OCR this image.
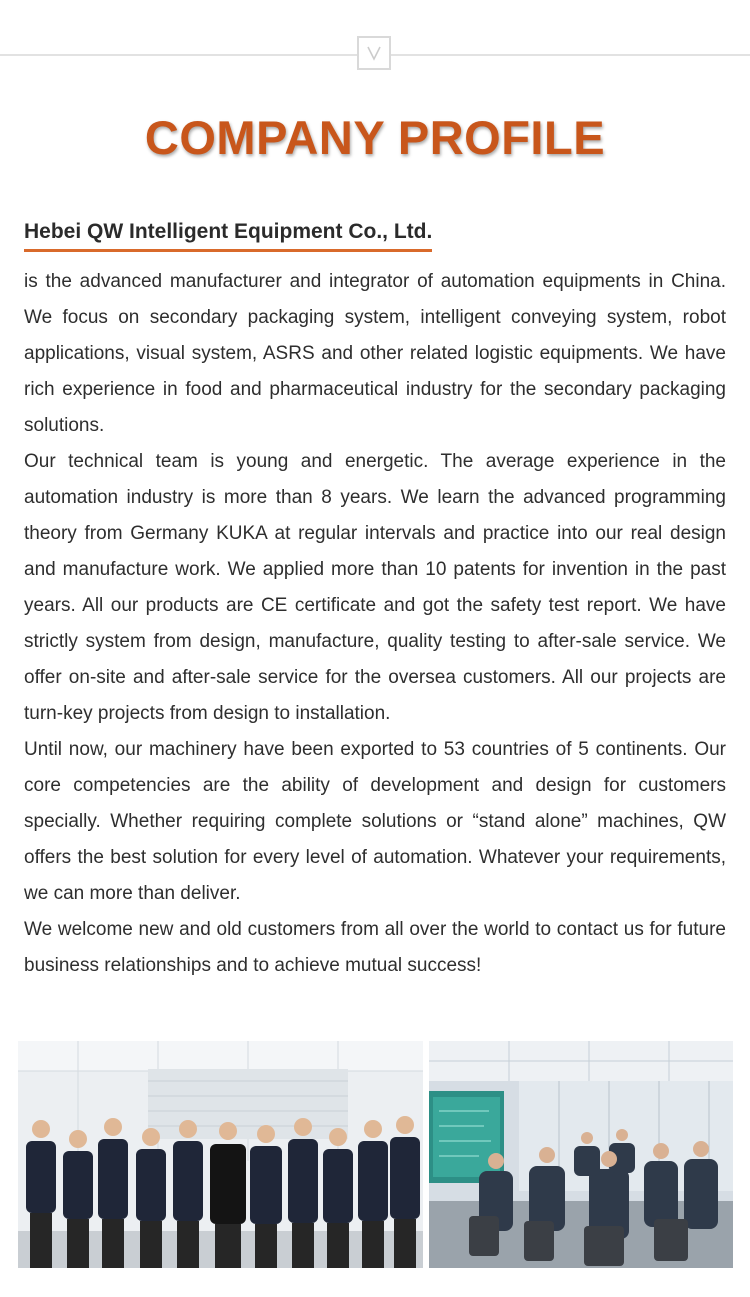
COMPANY PROFILE
Hebei QW Intelligent Equipment Co., Ltd.

is the advanced manufacturer and integrator of automation equipments in China. We focus on secondary packaging system, intelligent conveying system, robot applications, visual system, ASRS and other related logistic equipments. We have rich experience in food and pharmaceutical industry for the secondary packaging solutions.

Our technical team is young and energetic. The average experience in the automation industry is more than 8 years. We learn the advanced programming theory from Germany KUKA at regular intervals and practice into our real design and manufacture work. We applied more than 10 patents for invention in the past years. All our products are CE certificate and got the safety test report. We have strictly system from design, manufacture, quality testing to after-sale service. We offer on-site and after-sale service for the oversea customers. All our projects are turn-key projects from design to installation.

Until now, our machinery have been exported to 53 countries of 5 continents. Our core competencies are the ability of development and design for customers specially. Whether requiring complete solutions or “stand alone” machines, QW offers the best solution for every level of automation. Whatever your requirements, we can more than deliver.

We welcome new and old customers from all over the world to contact us for future business relationships and to achieve mutual success!
